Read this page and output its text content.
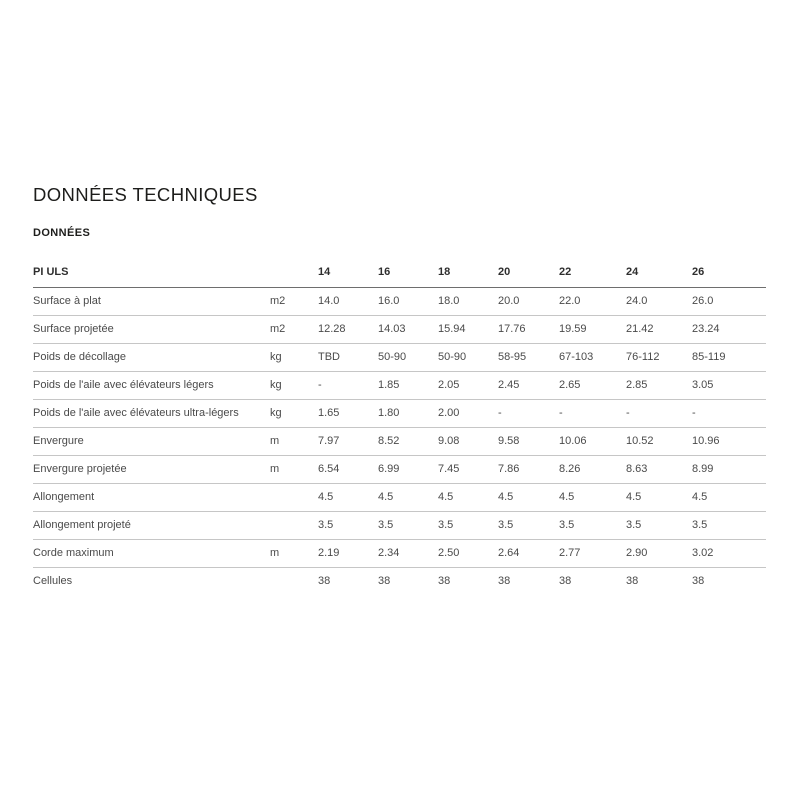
DONNÉES TECHNIQUES
DONNÉES
PI ULS		14	16	18	20	22	24	26
Surface à plat	m2	14.0	16.0	18.0	20.0	22.0	24.0	26.0
Surface projetée	m2	12.28	14.03	15.94	17.76	19.59	21.42	23.24
Poids de décollage	kg	TBD	50-90	50-90	58-95	67-103	76-112	85-119
Poids de l'aile avec élévateurs légers	kg	-	1.85	2.05	2.45	2.65	2.85	3.05
Poids de l'aile avec élévateurs ultra-légers	kg	1.65	1.80	2.00	-	-	-	-
Envergure	m	7.97	8.52	9.08	9.58	10.06	10.52	10.96
Envergure projetée	m	6.54	6.99	7.45	7.86	8.26	8.63	8.99
Allongement		4.5	4.5	4.5	4.5	4.5	4.5	4.5
Allongement projeté		3.5	3.5	3.5	3.5	3.5	3.5	3.5
Corde maximum	m	2.19	2.34	2.50	2.64	2.77	2.90	3.02
Cellules		38	38	38	38	38	38	38
